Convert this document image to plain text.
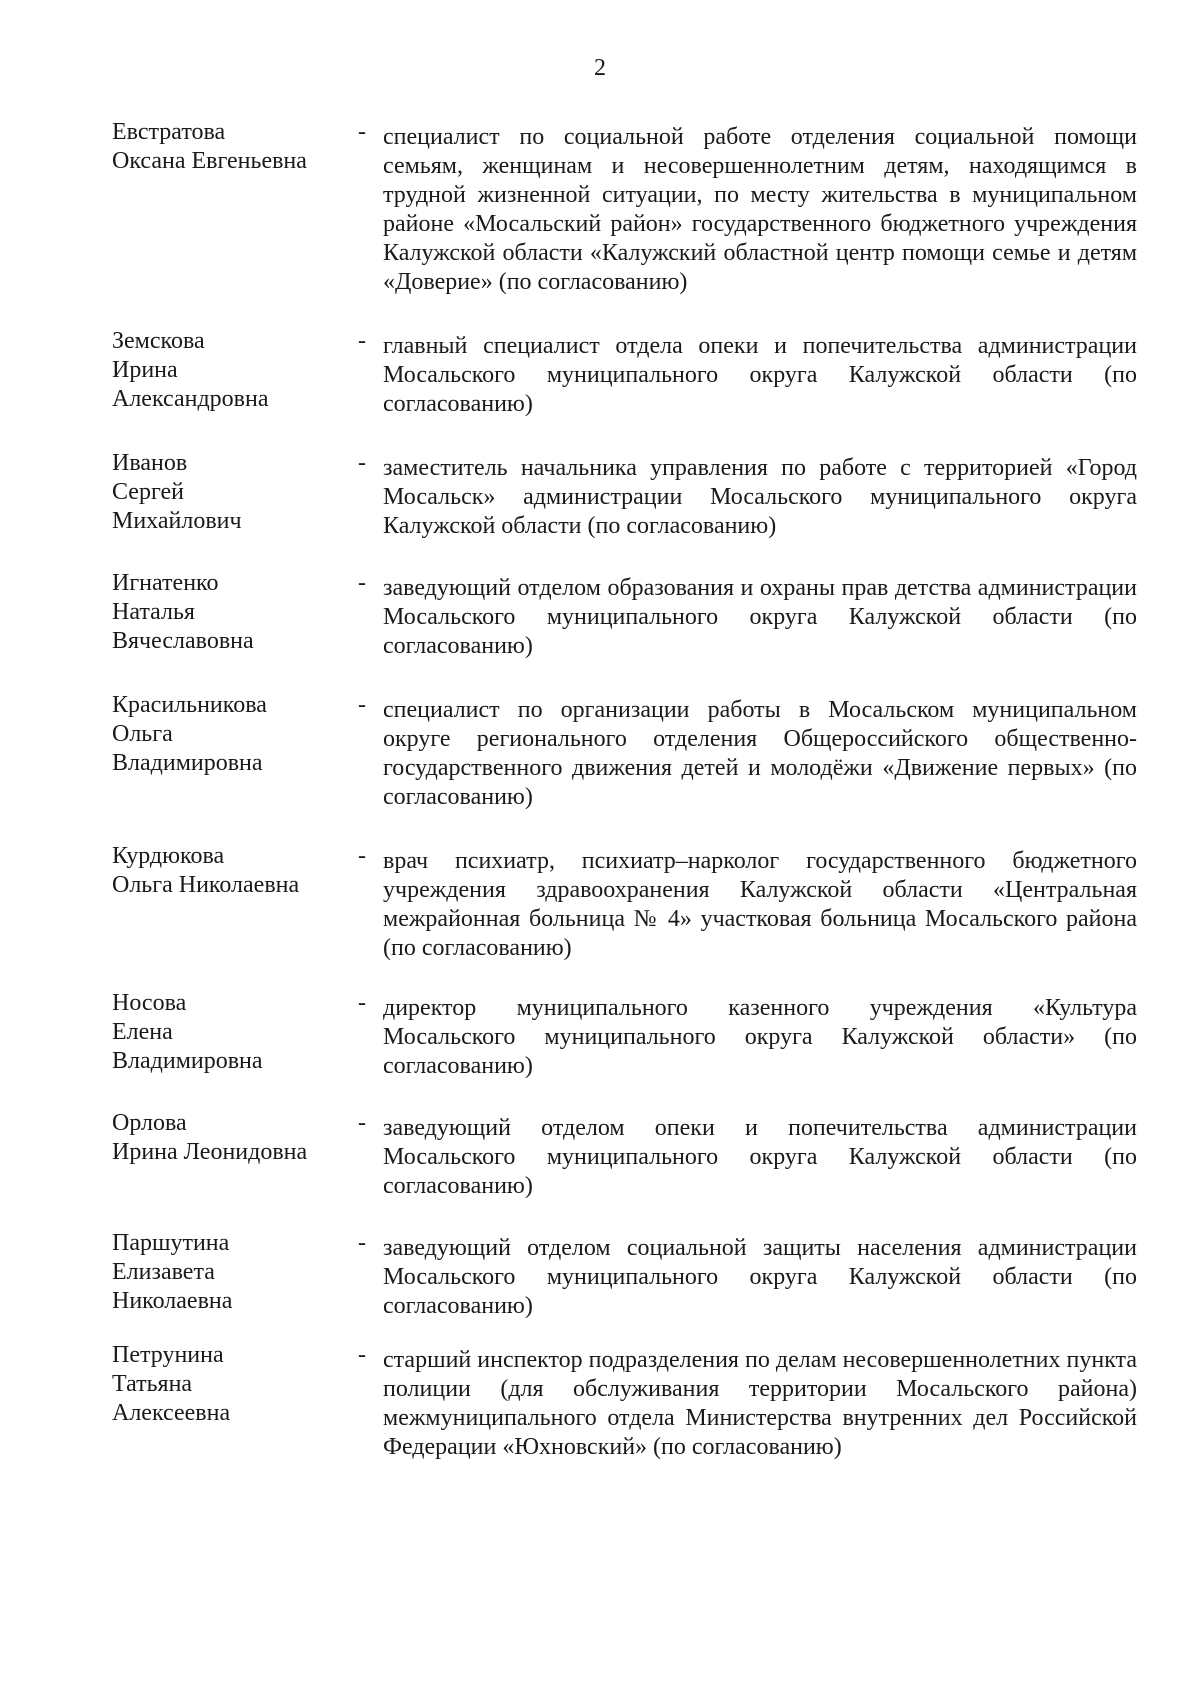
2
Евстратова
Оксана Евгеньевна
- специалист по социальной работе отделения социальной помощи семьям, женщинам и несовершеннолетним детям, находящимся в трудной жизненной ситуации, по месту жительства в муниципальном районе «Мосальский район» государственного бюджетного учреждения Калужской области «Калужский областной центр помощи семье и детям «Доверие» (по согласованию)
Земскова
Ирина
Александровна
- главный специалист отдела опеки и попечительства администрации Мосальского муниципального округа Калужской области (по согласованию)
Иванов
Сергей
Михайлович
- заместитель начальника управления по работе с территорией «Город Мосальск» администрации Мосальского муниципального округа Калужской области (по согласованию)
Игнатенко
Наталья
Вячеславовна
- заведующий отделом образования и охраны прав детства администрации Мосальского муниципального округа Калужской области (по согласованию)
Красильникова
Ольга
Владимировна
- специалист по организации работы в Мосальском муниципальном округе регионального отделения Общероссийского общественно-государственного движения детей и молодёжи «Движение первых» (по согласованию)
Курдюкова
Ольга Николаевна
- врач психиатр, психиатр–нарколог государственного бюджетного учреждения здравоохранения Калужской области «Центральная межрайонная больница № 4» участковая больница Мосальского района (по согласованию)
Носова
Елена
Владимировна
- директор муниципального казенного учреждения «Культура Мосальского муниципального округа Калужской области» (по согласованию)
Орлова
Ирина Леонидовна
- заведующий отделом опеки и попечительства администрации Мосальского муниципального округа Калужской области (по согласованию)
Паршутина
Елизавета
Николаевна
- заведующий отделом социальной защиты населения администрации Мосальского муниципального округа Калужской области (по согласованию)
Петрунина
Татьяна
Алексеевна
- старший инспектор подразделения по делам несовершеннолетних пункта полиции (для обслуживания территории Мосальского района) межмуниципального отдела Министерства внутренних дел Российской Федерации «Юхновский» (по согласованию)
